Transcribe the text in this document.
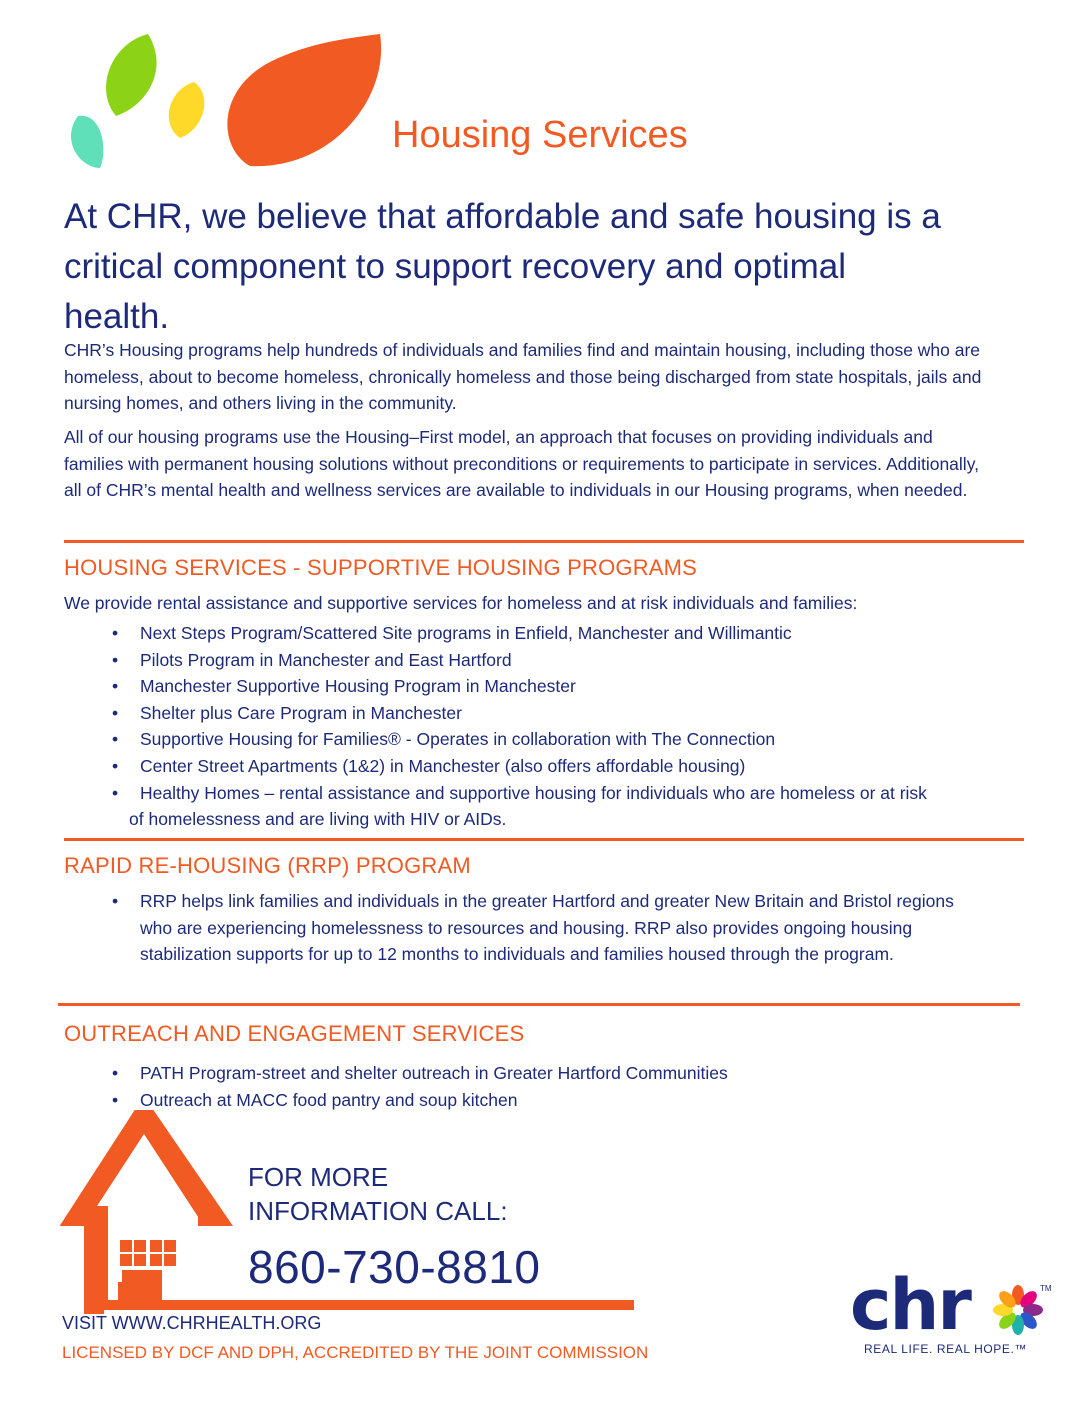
Housing Services
At CHR, we believe that affordable and safe housing is a critical component to support recovery and optimal health.
CHR’s Housing programs help hundreds of individuals and families find and maintain housing, including those who are homeless, about to become homeless, chronically homeless and those being discharged from state hospitals, jails and nursing homes, and others living in the community.
All of our housing programs use the Housing–First model, an approach that focuses on providing individuals and families with permanent housing solutions without preconditions or requirements to participate in services. Additionally, all of CHR’s mental health and wellness services are available to individuals in our Housing programs, when needed.
HOUSING SERVICES - SUPPORTIVE HOUSING PROGRAMS
We provide rental assistance and supportive services for homeless and at risk individuals and families:
• Next Steps Program/Scattered Site programs in Enfield, Manchester and Willimantic
• Pilots Program in Manchester and East Hartford
• Manchester Supportive Housing Program in Manchester
• Shelter plus Care Program in Manchester
• Supportive Housing for Families® - Operates in collaboration with The Connection
• Center Street Apartments (1&2) in Manchester (also offers affordable housing)
• Healthy Homes – rental assistance and supportive housing for individuals who are homeless or at risk
of homelessness and are living with HIV or AIDs.
RAPID RE-HOUSING (RRP) PROGRAM
• RRP helps link families and individuals in the greater Hartford and greater New Britain and Bristol regions who are experiencing homelessness to resources and housing. RRP also provides ongoing housing stabilization supports for up to 12 months to individuals and families housed through the program.
OUTREACH AND ENGAGEMENT SERVICES
• PATH Program-street and shelter outreach in Greater Hartford Communities
• Outreach at MACC food pantry and soup kitchen
FOR MORE
INFORMATION CALL:
860-730-8810
VISIT WWW.CHRHEALTH.ORG
LICENSED BY DCF AND DPH, ACCREDITED BY THE JOINT COMMISSION
chr	TM
REAL LIFE. REAL HOPE.™
